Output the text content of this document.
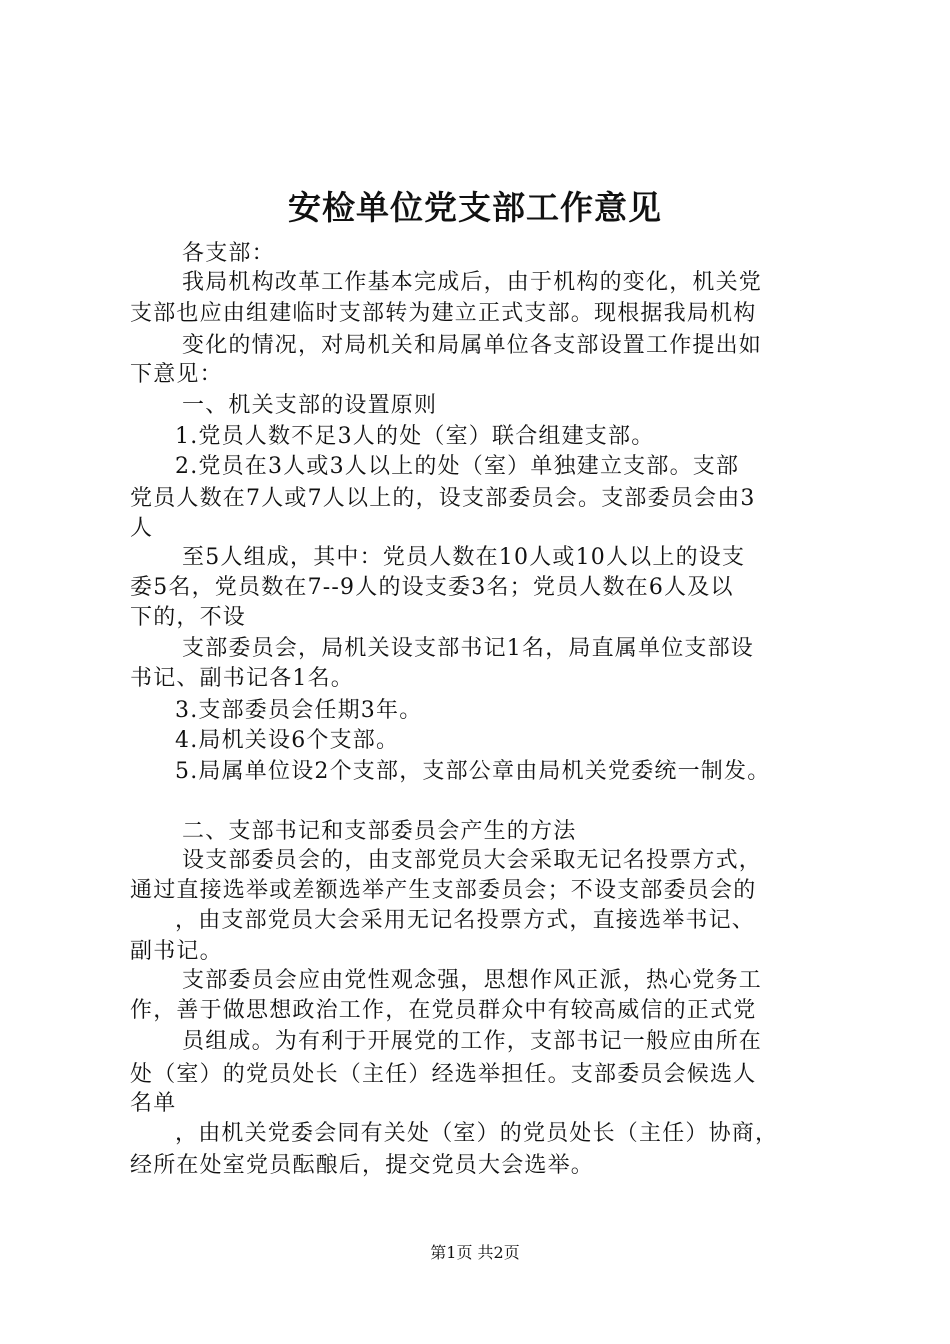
安检单位党支部工作意见
各支部：
我局机构改革工作基本完成后，由于机构的变化，机关党
支部也应由组建临时支部转为建立正式支部。现根据我局机构
变化的情况，对局机关和局属单位各支部设置工作提出如
下意见：
一、机关支部的设置原则
1.党员人数不足3人的处（室）联合组建支部。
2.党员在3人或3人以上的处（室）单独建立支部。支部
党员人数在7人或7人以上的，设支部委员会。支部委员会由3
人
至5人组成，其中：党员人数在10人或10人以上的设支
委5名，党员数在7--9人的设支委3名；党员人数在6人及以
下的，不设
支部委员会，局机关设支部书记1名，局直属单位支部设
书记、副书记各1名。
3.支部委员会任期3年。
4.局机关设6个支部。
5.局属单位设2个支部，支部公章由局机关党委统一制发。
二、支部书记和支部委员会产生的方法
设支部委员会的，由支部党员大会采取无记名投票方式，
通过直接选举或差额选举产生支部委员会；不设支部委员会的
，由支部党员大会采用无记名投票方式，直接选举书记、
副书记。
支部委员会应由党性观念强，思想作风正派，热心党务工
作，善于做思想政治工作，在党员群众中有较高威信的正式党
员组成。为有利于开展党的工作，支部书记一般应由所在
处（室）的党员处长（主任）经选举担任。支部委员会候选人
名单
，由机关党委会同有关处（室）的党员处长（主任）协商，
经所在处室党员酝酿后，提交党员大会选举。
第1页 共2页
